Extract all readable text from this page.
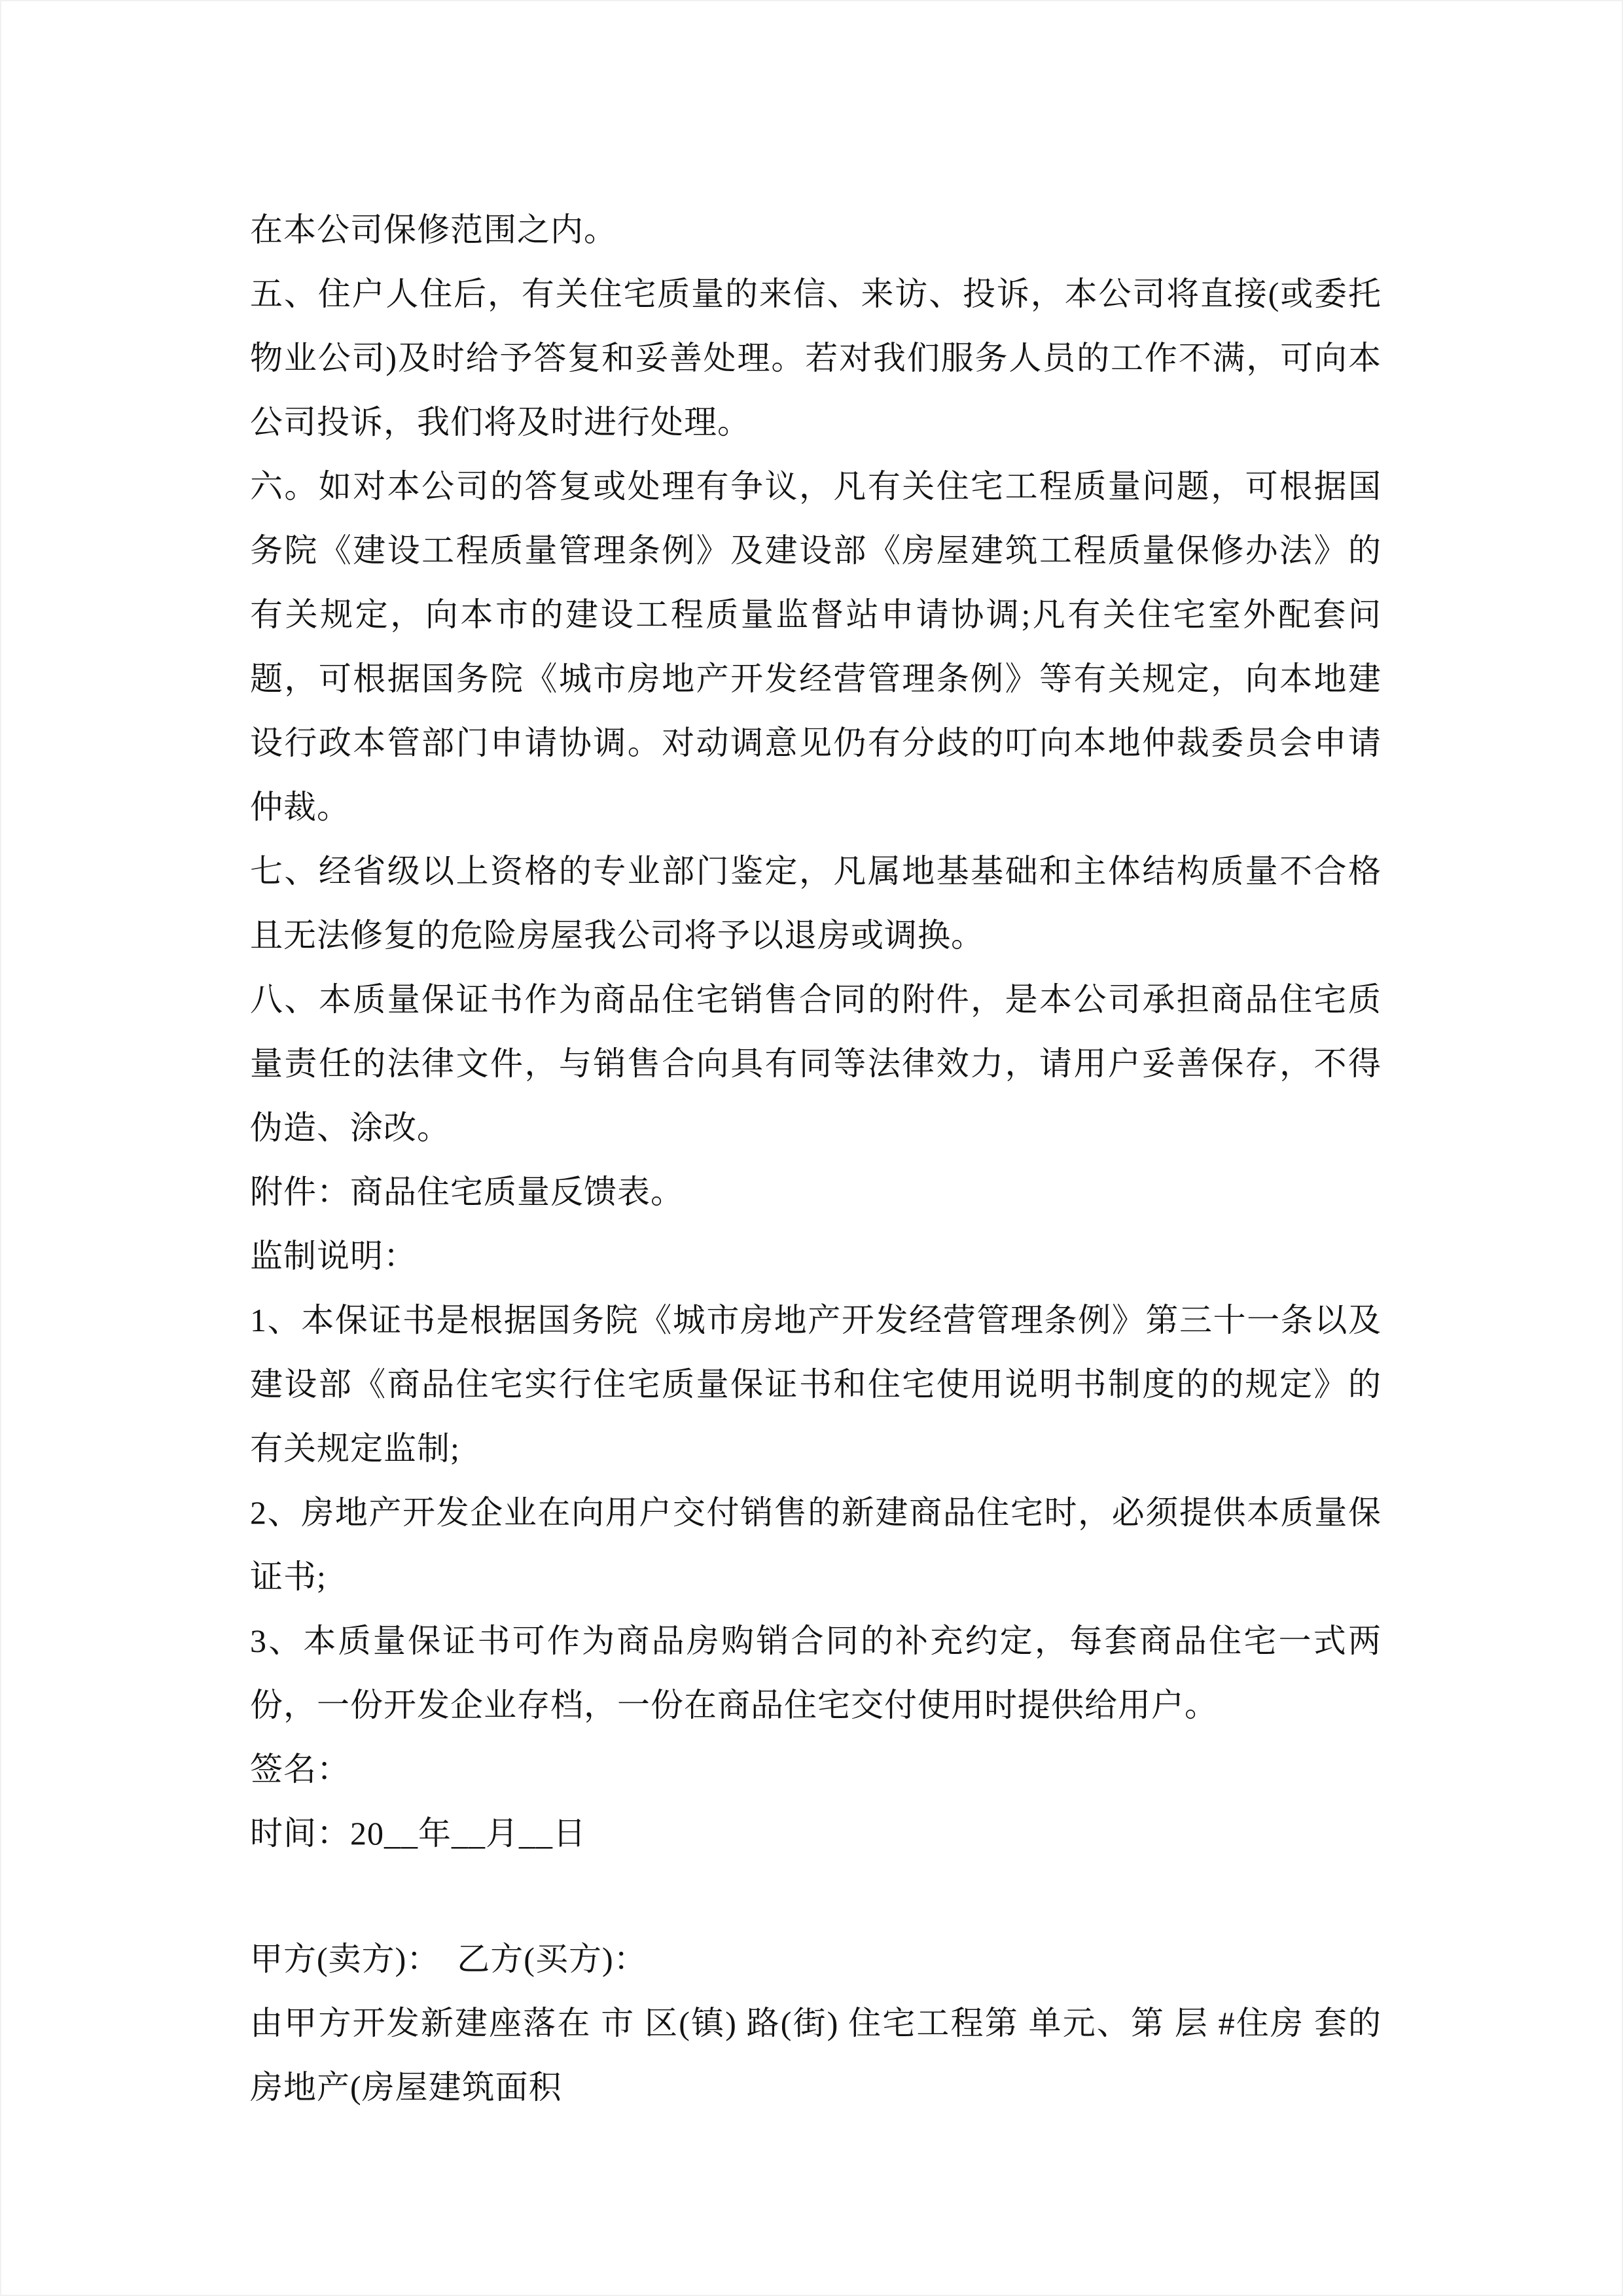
在本公司保修范围之内。

五、住户人住后，有关住宅质量的来信、来访、投诉，本公司将直接(或委托物业公司)及时给予答复和妥善处理。若对我们服务人员的工作不满，可向本公司投诉，我们将及时进行处理。

六。如对本公司的答复或处理有争议，凡有关住宅工程质量问题，可根据国务院《建设工程质量管理条例》及建设部《房屋建筑工程质量保修办法》的有关规定，向本市的建设工程质量监督站申请协调;凡有关住宅室外配套问题，可根据国务院《城市房地产开发经营管理条例》等有关规定，向本地建设行政本管部门申请协调。对动调意见仍有分歧的叮向本地仲裁委员会申请仲裁。

七、经省级以上资格的专业部门鉴定，凡属地基基础和主体结构质量不合格且无法修复的危险房屋我公司将予以退房或调换。

八、本质量保证书作为商品住宅销售合同的附件，是本公司承担商品住宅质量责任的法律文件，与销售合向具有同等法律效力，请用户妥善保存，不得伪造、涂改。

附件：商品住宅质量反馈表。

监制说明：

1、本保证书是根据国务院《城市房地产开发经营管理条例》第三十一条以及建设部《商品住宅实行住宅质量保证书和住宅使用说明书制度的的规定》的有关规定监制;

2、房地产开发企业在向用户交付销售的新建商品住宅时，必须提供本质量保证书;

3、本质量保证书可作为商品房购销合同的补充约定，每套商品住宅一式两份，一份开发企业存档，一份在商品住宅交付使用时提供给用户。

签名：

时间：20__年__月__日

甲方(卖方)：　乙方(买方)：

由甲方开发新建座落在 市 区(镇) 路(街) 住宅工程第 单元、第 层 #住房 套的房地产(房屋建筑面积
